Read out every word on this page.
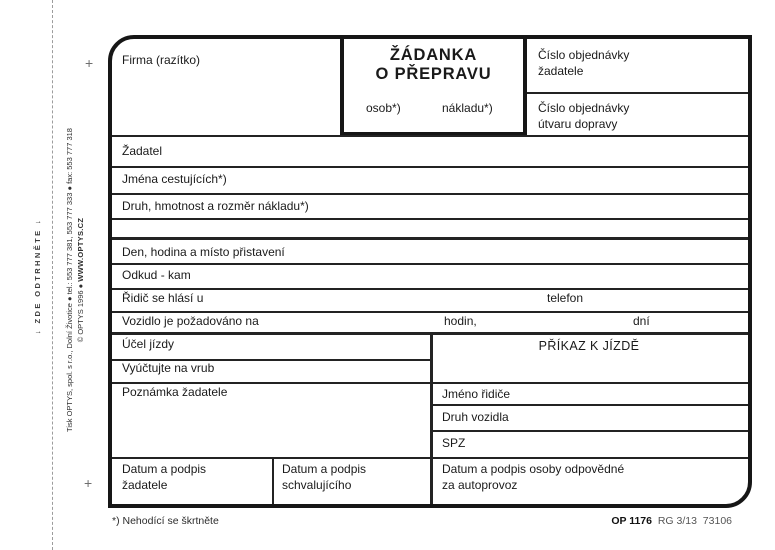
↓ ZDE ODTRHNĚTE ↓	Tisk OPTYS, spol. s r.o., Dolní Životice ● tel.: 553 777 381, 553 777 333 ● fax: 553 777 318 © OPTYS 1996 ● WWW.OPTYS.CZ
+
+
Firma (razítko)	ŽÁDANKA
O PŘEPRAVU
osob*)	nákladu*)
Číslo objednávky
žadatele
Číslo objednávky
útvaru dopravy
Žadatel
Jména cestujících*)
Druh, hmotnost a rozměr nákladu*)
Den, hodina a místo přistavení
Odkud - kam
Řidič se hlásí u	telefon
Vozidlo je požadováno na	hodin,	dní
Účel jízdy
Vyúčtujte na vrub
Poznámka žadatele
PŘÍKAZ K JÍZDĚ
Jméno řidiče
Druh vozidla
SPZ
Datum a podpis
žadatele
Datum a podpis
schvalujícího
Datum a podpis osoby odpovědné
za autoprovoz
*) Nehodící se škrtněte	OP 1176 RG 3/13 73106
